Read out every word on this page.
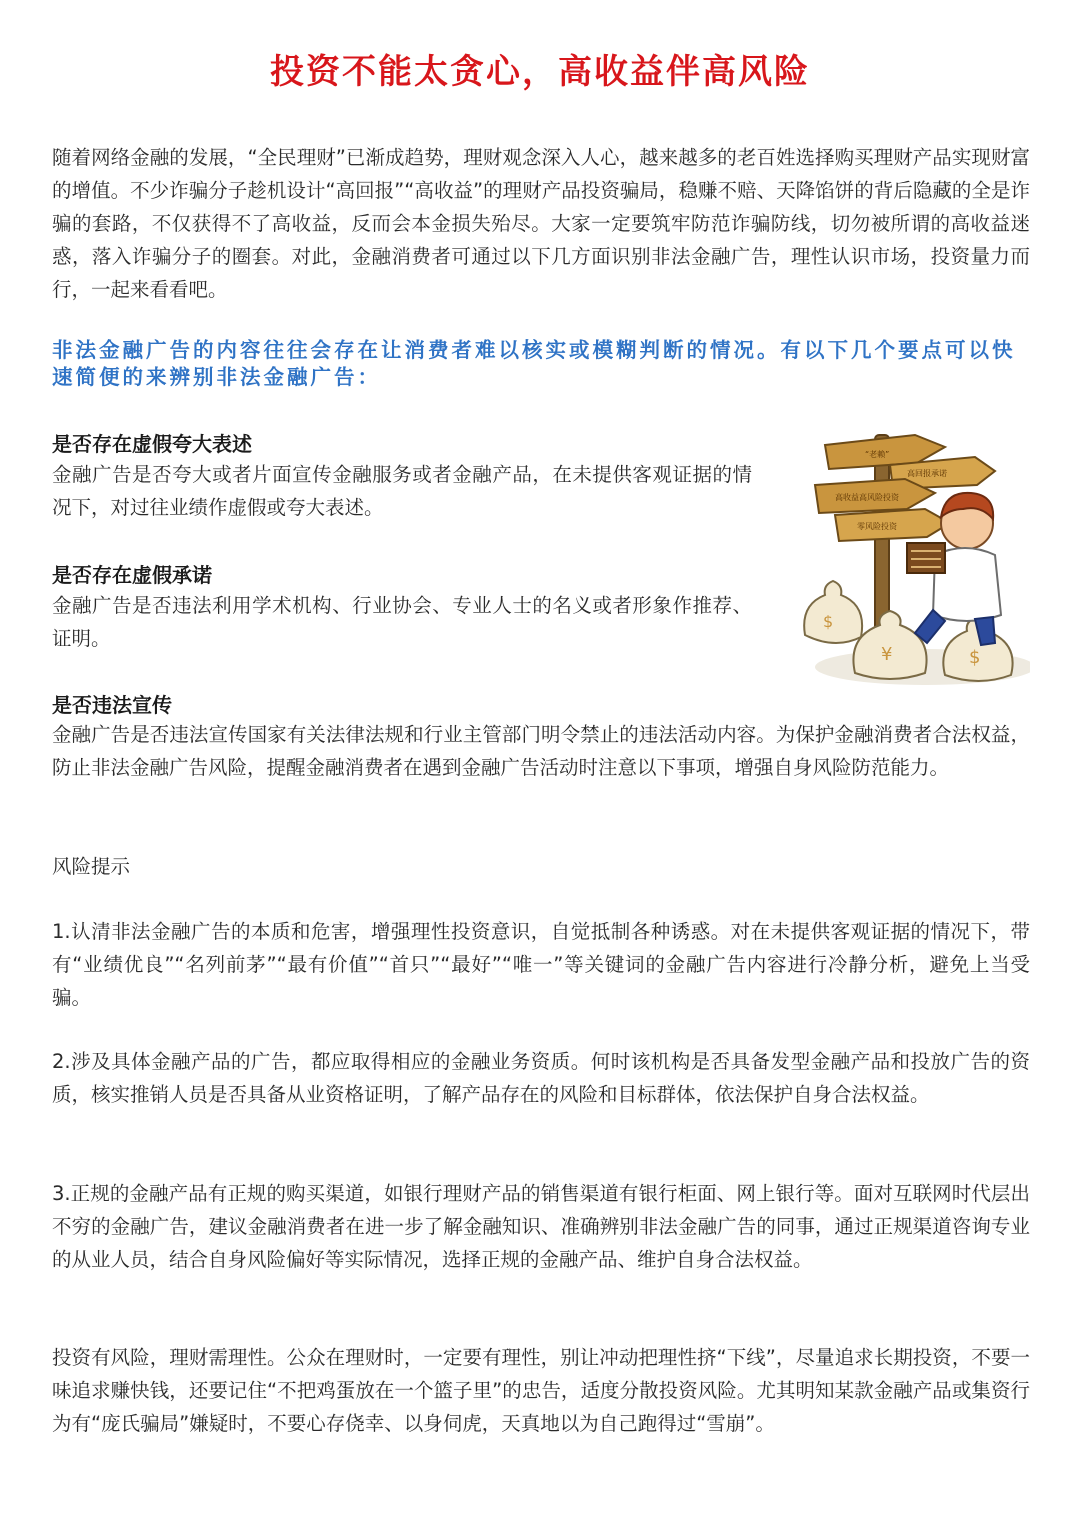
投资不能太贪心，高收益伴高风险
随着网络金融的发展，“全民理财”已渐成趋势，理财观念深入人心，越来越多的老百姓选择购买理财产品实现财富的增值。不少诈骗分子趁机设计“高回报”“高收益”的理财产品投资骗局，稳赚不赔、天降馅饼的背后隐藏的全是诈骗的套路，不仅获得不了高收益，反而会本金损失殆尽。大家一定要筑牢防范诈骗防线，切勿被所谓的高收益迷惑，落入诈骗分子的圈套。对此，金融消费者可通过以下几方面识别非法金融广告，理性认识市场，投资量力而行，一起来看看吧。
非法金融广告的内容往往会存在让消费者难以核实或模糊判断的情况。有以下几个要点可以快速简便的来辨别非法金融广告：
是否存在虚假夸大表述
金融广告是否夸大或者片面宣传金融服务或者金融产品，在未提供客观证据的情况下，对过往业绩作虚假或夸大表述。
是否存在虚假承诺
金融广告是否违法利用学术机构、行业协会、专业人士的名义或者形象作推荐、证明。
是否违法宣传
金融广告是否违法宣传国家有关法律法规和行业主管部门明令禁止的违法活动内容。为保护金融消费者合法权益，防止非法金融广告风险，提醒金融消费者在遇到金融广告活动时注意以下事项，增强自身风险防范能力。
风险提示
1.认清非法金融广告的本质和危害，增强理性投资意识，自觉抵制各种诱惑。对在未提供客观证据的情况下，带有“业绩优良”“名列前茅”“最有价值”“首只”“最好”“唯一”等关键词的金融广告内容进行冷静分析，避免上当受骗。
2.涉及具体金融产品的广告，都应取得相应的金融业务资质。何时该机构是否具备发型金融产品和投放广告的资质，核实推销人员是否具备从业资格证明，了解产品存在的风险和目标群体，依法保护自身合法权益。
3.正规的金融产品有正规的购买渠道，如银行理财产品的销售渠道有银行柜面、网上银行等。面对互联网时代层出不穷的金融广告，建议金融消费者在进一步了解金融知识、准确辨别非法金融广告的同事，通过正规渠道咨询专业的从业人员，结合自身风险偏好等实际情况，选择正规的金融产品、维护自身合法权益。
投资有风险，理财需理性。公众在理财时，一定要有理性，别让冲动把理性挤“下线”，尽量追求长期投资，不要一味追求赚快钱，还要记住“不把鸡蛋放在一个篮子里”的忠告，适度分散投资风险。尤其明知某款金融产品或集资行为有“庞氏骗局”嫌疑时，不要心存侥幸、以身伺虎，天真地以为自己跑得过“雪崩”。
“老赖”
高回报承诺
高收益高风险投资
零风险投资
$
¥	$
